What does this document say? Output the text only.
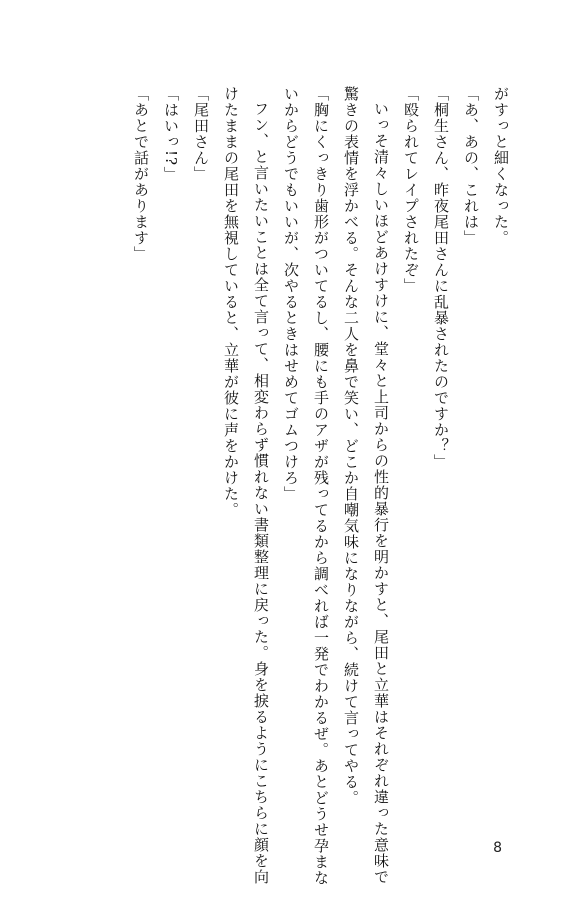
がすっと細くなった。
「あ、あの、これは」
「桐生さん、昨夜尾田さんに乱暴されたのですか？」
「殴られてレイプされたぞ」
いっそ清々しいほどあけすけに、堂々と上司からの性的暴行を明かすと、尾田と立華はそれぞれ違った意味で
驚きの表情を浮かべる。そんな二人を鼻で笑い、どこか自嘲気味になりながら、続けて言ってやる。
「胸にくっきり歯形がついてるし、腰にも手のアザが残ってるから調べれば一発でわかるぜ。あとどうせ孕まな
いからどうでもいいが、次やるときはせめてゴムつけろ」
フン、と言いたいことは全て言って、相変わらず慣れない書類整理に戻った。身を捩るようにこちらに顔を向
けたままの尾田を無視していると、立華が彼に声をかけた。
「尾田さん」
「はいっ!?」
「あとで話があります」
8
